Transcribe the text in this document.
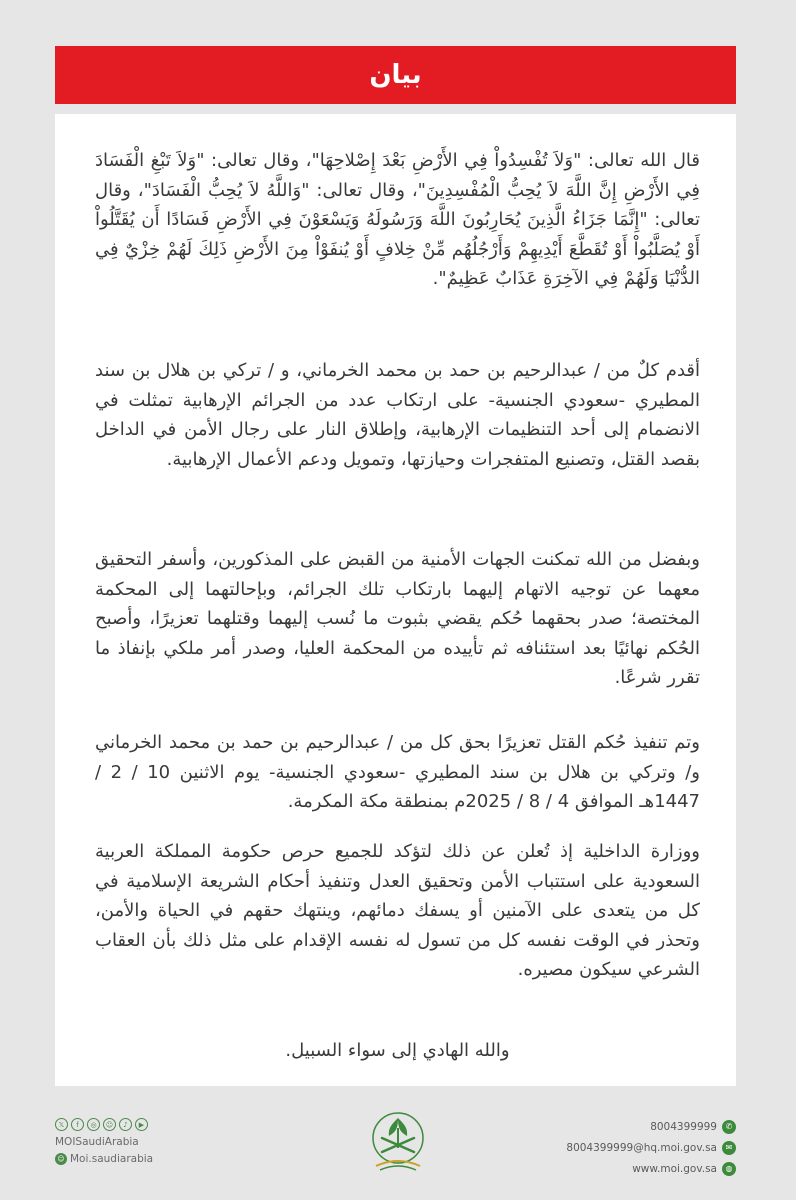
بيان

قال الله تعالى: "وَلاَ تُفْسِدُواْ فِي الأَرْضِ بَعْدَ إِصْلاحِهَا"، وقال تعالى: "وَلاَ تَبْغِ الْفَسَادَ فِي الأَرْضِ إِنَّ اللَّهَ لاَ يُحِبُّ الْمُفْسِدِينَ"، وقال تعالى: "وَاللَّهُ لاَ يُحِبُّ الْفَسَادَ"، وقال تعالى: "إِنَّمَا جَزَاءُ الَّذِينَ يُحَارِبُونَ اللَّهَ وَرَسُولَهُ وَيَسْعَوْنَ فِي الأَرْضِ فَسَادًا أَن يُقَتَّلُواْ أَوْ يُصَلَّبُواْ أَوْ تُقَطَّعَ أَيْدِيهِمْ وَأَرْجُلُهُم مِّنْ خِلافٍ أَوْ يُنفَوْاْ مِنَ الأَرْضِ ذَلِكَ لَهُمْ خِزْيٌ فِي الدُّنْيَا وَلَهُمْ فِي الآخِرَةِ عَذَابٌ عَظِيمٌ".

أقدم كلٌ من / عبدالرحيم بن حمد بن محمد الخرماني، و / تركي بن هلال بن سند المطيري -سعودي الجنسية- على ارتكاب عدد من الجرائم الإرهابية تمثلت في الانضمام إلى أحد التنظيمات الإرهابية، وإطلاق النار على رجال الأمن في الداخل بقصد القتل، وتصنيع المتفجرات وحيازتها، وتمويل ودعم الأعمال الإرهابية.

وبفضل من الله تمكنت الجهات الأمنية من القبض على المذكورين، وأسفر التحقيق معهما عن توجيه الاتهام إليهما بارتكاب تلك الجرائم، وبإحالتهما إلى المحكمة المختصة؛ صدر بحقهما حُكم يقضي بثبوت ما نُسب إليهما وقتلهما تعزيرًا، وأصبح الحُكم نهائيًا بعد استئنافه ثم تأييده من المحكمة العليا، وصدر أمر ملكي بإنفاذ ما تقرر شرعًا.

وتم تنفيذ حُكم القتل تعزيرًا بحق كل من / عبدالرحيم بن حمد بن محمد الخرماني و/ وتركي بن هلال بن سند المطيري -سعودي الجنسية- يوم الاثنين 10 / 2 / 1447هـ الموافق 4 / 8 / 2025م بمنطقة مكة المكرمة.

ووزارة الداخلية إذ تُعلن عن ذلك لتؤكد للجميع حرص حكومة المملكة العربية السعودية على استتباب الأمن وتحقيق العدل وتنفيذ أحكام الشريعة الإسلامية في كل من يتعدى على الآمنين أو يسفك دمائهم، وينتهك حقهم في الحياة والأمن، وتحذر في الوقت نفسه كل من تسول له نفسه الإقدام على مثل ذلك بأن العقاب الشرعي سيكون مصيره.

والله الهادي إلى سواء السبيل.

𝕏	f	◎	☺	♪	▶
MOISaudiArabia
☺ Moi.saudiarabia
8004399999	✆
8004399999@hq.moi.gov.sa	✉
www.moi.gov.sa	◍
